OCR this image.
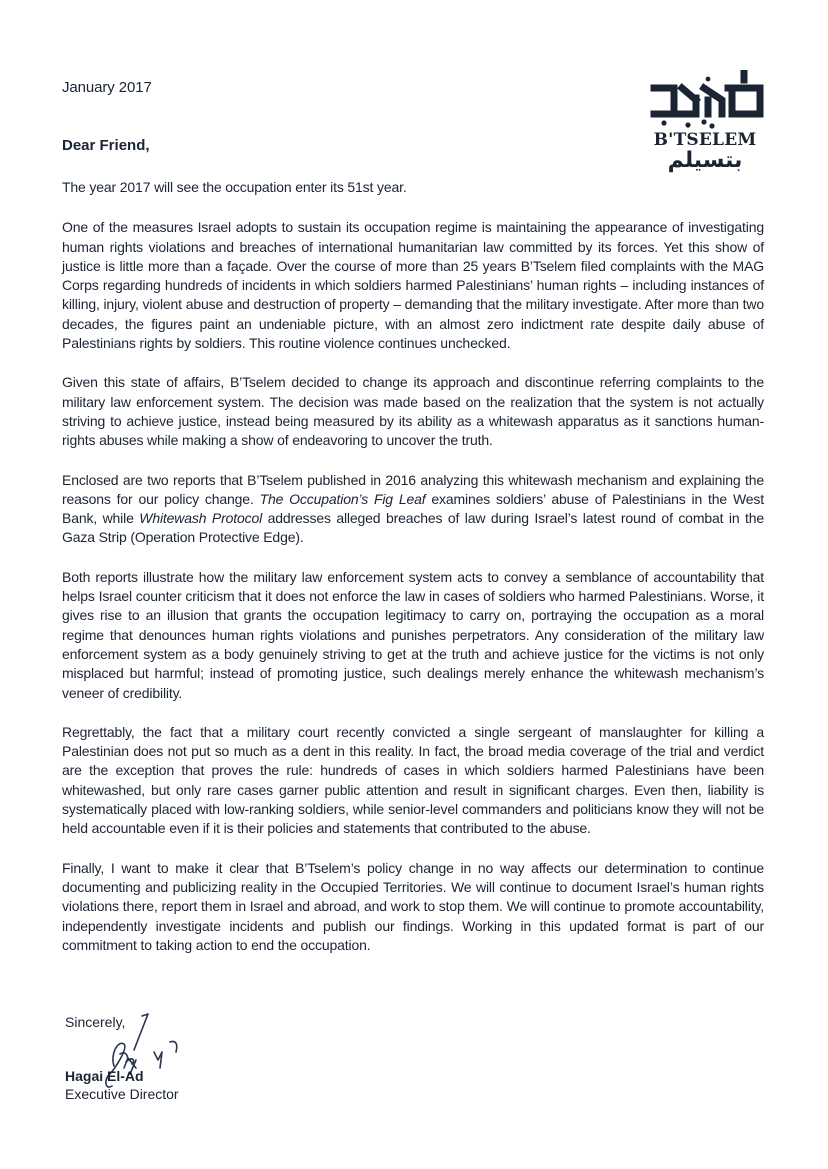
January 2017
Dear Friend,	B'TSELEM
بتسيلم

The year 2017 will see the occupation enter its 51st year.

One of the measures Israel adopts to sustain its occupation regime is maintaining the appearance of investigating human rights violations and breaches of international humanitarian law committed by its forces. Yet this show of justice is little more than a façade. Over the course of more than 25 years B’Tselem filed complaints with the MAG Corps regarding hundreds of incidents in which soldiers harmed Palestinians’ human rights – including instances of killing, injury, violent abuse and destruction of property – demanding that the military investigate. After more than two decades, the figures paint an undeniable picture, with an almost zero indictment rate despite daily abuse of Palestinians rights by soldiers. This routine violence continues unchecked.

Given this state of affairs, B’Tselem decided to change its approach and discontinue referring complaints to the military law enforcement system. The decision was made based on the realization that the system is not actually striving to achieve justice, instead being measured by its ability as a whitewash apparatus as it sanctions human-rights abuses while making a show of endeavoring to uncover the truth.

Enclosed are two reports that B’Tselem published in 2016 analyzing this whitewash mechanism and explaining the reasons for our policy change. The Occupation’s Fig Leaf examines soldiers’ abuse of Palestinians in the West Bank, while Whitewash Protocol addresses alleged breaches of law during Israel’s latest round of combat in the Gaza Strip (Operation Protective Edge).

Both reports illustrate how the military law enforcement system acts to convey a semblance of accountability that helps Israel counter criticism that it does not enforce the law in cases of soldiers who harmed Palestinians. Worse, it gives rise to an illusion that grants the occupation legitimacy to carry on, portraying the occupation as a moral regime that denounces human rights violations and punishes perpetrators. Any consideration of the military law enforcement system as a body genuinely striving to get at the truth and achieve justice for the victims is not only misplaced but harmful; instead of promoting justice, such dealings merely enhance the whitewash mechanism’s veneer of credibility.

Regrettably, the fact that a military court recently convicted a single sergeant of manslaughter for killing a Palestinian does not put so much as a dent in this reality. In fact, the broad media coverage of the trial and verdict are the exception that proves the rule: hundreds of cases in which soldiers harmed Palestinians have been whitewashed, but only rare cases garner public attention and result in significant charges. Even then, liability is systematically placed with low-ranking soldiers, while senior-level commanders and politicians know they will not be held accountable even if it is their policies and statements that contributed to the abuse.

Finally, I want to make it clear that B’Tselem’s policy change in no way affects our determination to continue documenting and publicizing reality in the Occupied Territories. We will continue to document Israel’s human rights violations there, report them in Israel and abroad, and work to stop them. We will continue to promote accountability, independently investigate incidents and publish our findings. Working in this updated format is part of our commitment to taking action to end the occupation.

Sincerely,
Hagai El-Ad
Executive Director
